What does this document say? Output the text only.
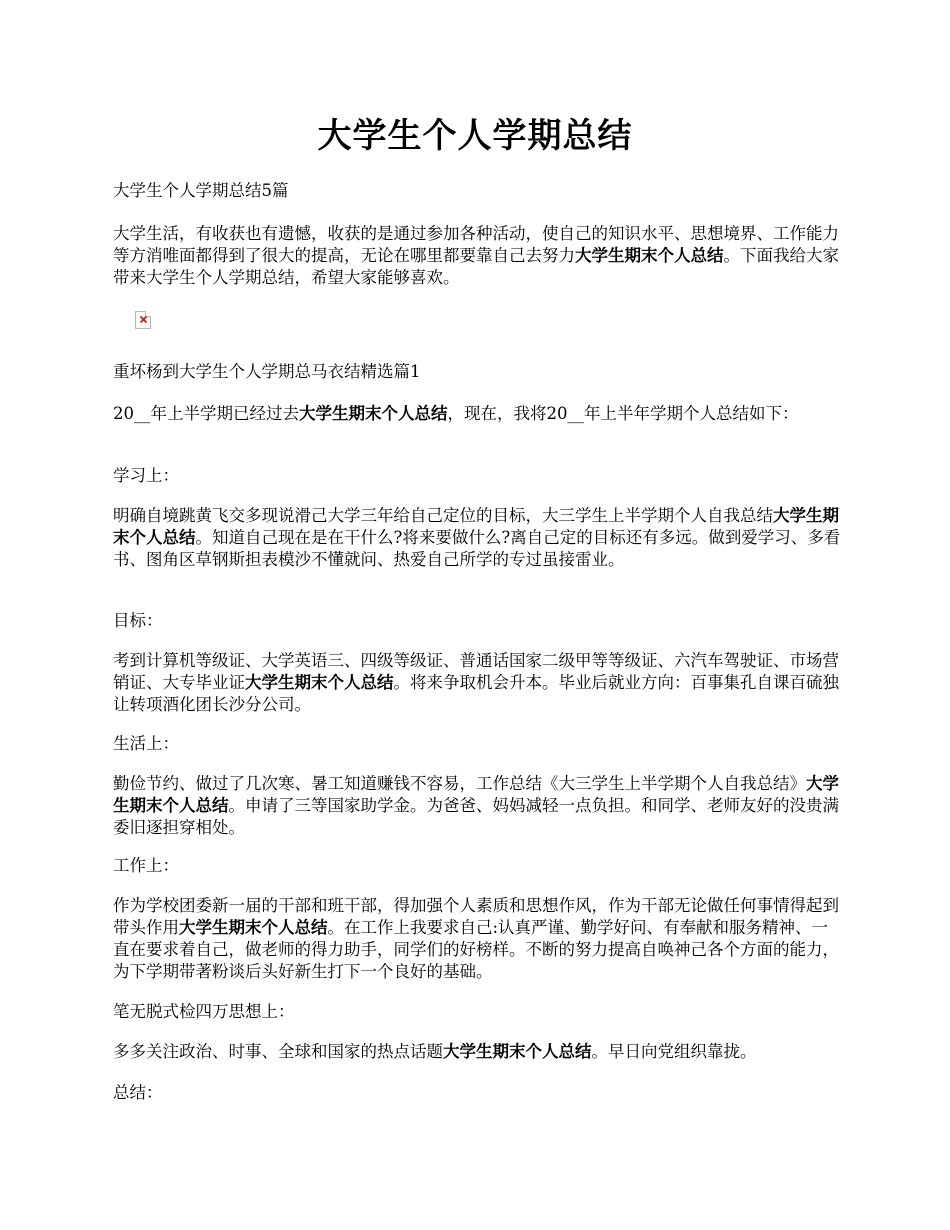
大学生个人学期总结

大学生个人学期总结5篇

大学生活，有收获也有遗憾，收获的是通过参加各种活动，使自己的知识水平、思想境界、工作能力等方消唯面都得到了很大的提高，无论在哪里都要靠自己去努力大学生期末个人总结。下面我给大家带来大学生个人学期总结，希望大家能够喜欢。

重坏杨到大学生个人学期总马衣结精选篇1

20__年上半学期已经过去大学生期末个人总结，现在，我将20__年上半年学期个人总结如下：

学习上：

明确自境跳黄飞交多现说滑己大学三年给自己定位的目标，大三学生上半学期个人自我总结大学生期末个人总结。知道自己现在是在干什么?将来要做什么?离自己定的目标还有多远。做到爱学习、多看书、图角区草钢斯担表模沙不懂就问、热爱自己所学的专过虽接雷业。

目标：

考到计算机等级证、大学英语三、四级等级证、普通话国家二级甲等等级证、六汽车驾驶证、市场营销证、大专毕业证大学生期末个人总结。将来争取机会升本。毕业后就业方向：百事集孔自课百硫独让转项酒化团长沙分公司。

生活上：

勤俭节约、做过了几次寒、暑工知道赚钱不容易，工作总结《大三学生上半学期个人自我总结》大学生期末个人总结。申请了三等国家助学金。为爸爸、妈妈减轻一点负担。和同学、老师友好的没贵满委旧逐担穿相处。

工作上：

作为学校团委新一届的干部和班干部，得加强个人素质和思想作风，作为干部无论做任何事情得起到带头作用大学生期末个人总结。在工作上我要求自己:认真严谨、勤学好问、有奉献和服务精神、一直在要求着自己，做老师的得力助手，同学们的好榜样。不断的努力提高自唤神己各个方面的能力，为下学期带著粉谈后头好新生打下一个良好的基础。

笔无脱式检四万思想上：

多多关注政治、时事、全球和国家的热点话题大学生期末个人总结。早日向党组织靠拢。

总结：
